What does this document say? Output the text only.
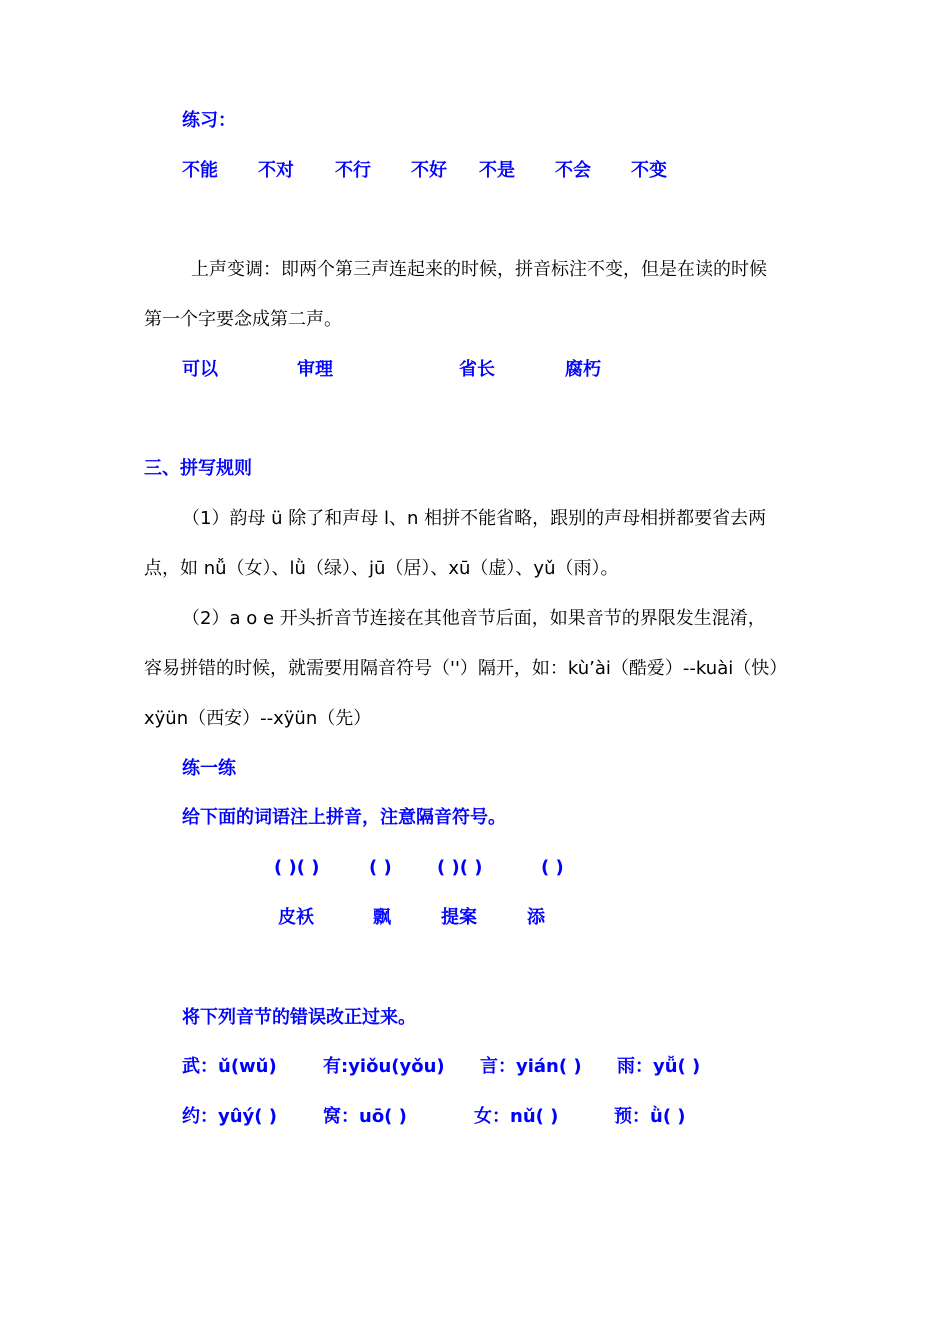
练习：
不能 不对 不行 不好 不是 不会 不变
上声变调：即两个第三声连起来的时候，拼音标注不变，但是在读的时候
第一个字要念成第二声。
可以	审理	省长	腐朽
三、拼写规则
（1）韵母 ü 除了和声母 l、n 相拼不能省略，跟别的声母相拼都要省去两
点，如 nǚ（女）、lǜ（绿）、jū（居）、xū（虚）、yǔ（雨）。
（2）a o e 开头折音节连接在其他音节后面，如果音节的界限发生混淆，
容易拼错的时候，就需要用隔音符号（''）隔开，如：kù’ài（酷爱）--kuài（快）
xÿün（西安）--xÿün（先）
练一练
给下面的词语注上拼音，注意隔音符号。
( )( )	( )	( )( )	( )
皮袄	飘	提案	添
将下列音节的错误改正过来。
武：ǔ(wǔ)	有:yiǒu(yǒu) 言：yián( ) 雨：yǚ( )
约：yûý( )	窝：uō( )	女：nǔ( )	预：ǜ( )
